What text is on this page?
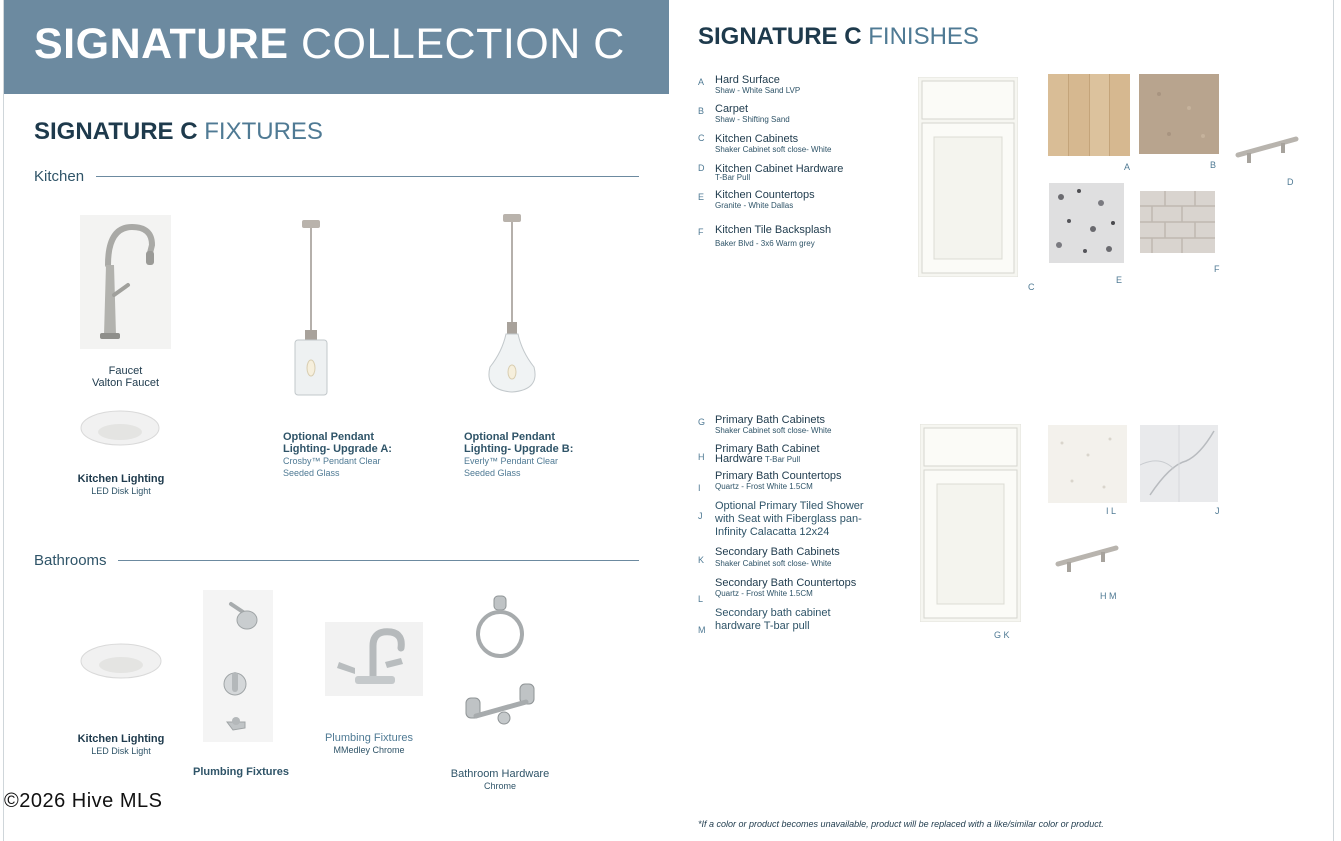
SIGNATURE COLLECTION C
SIGNATURE C FIXTURES
Kitchen
Faucet
Valton Faucet
Kitchen Lighting
LED Disk Light
Optional Pendant
Lighting- Upgrade A:
Crosby™ Pendant Clear
Seeded Glass
Optional Pendant
Lighting- Upgrade B:
Everly™ Pendant Clear
Seeded Glass
Bathrooms
Kitchen Lighting
LED Disk Light
Plumbing Fixtures
Plumbing Fixtures
MMedley Chrome
Bathroom Hardware
Chrome
SIGNATURE C FINISHES
A Hard Surface
Shaw - White Sand LVP
B Carpet
Shaw - Shifting Sand
C Kitchen Cabinets
Shaker Cabinet soft close- White
D Kitchen Cabinet Hardware
T-Bar Pull
E Kitchen Countertops
Granite - White Dallas
F Kitchen Tile Backsplash
Baker Blvd - 3x6 Warm grey
C
A	B
D
E
F
G Primary Bath Cabinets
Shaker Cabinet soft close- White
H
Primary Bath Cabinet
Hardware T-Bar Pull
I
Primary Bath Countertops
Quartz - Frost White 1.5CM
J
Optional Primary Tiled Shower
with Seat with Fiberglass pan-
Infinity Calacatta 12x24
K
Secondary Bath Cabinets
Shaker Cabinet soft close- White
L
Secondary Bath Countertops
Quartz - Frost White 1.5CM
M
Secondary bath cabinet
hardware T-bar pull
G K
I L	J
H M
*If a color or product becomes unavailable, product will be replaced with a like/similar color or product.
©2026 Hive MLS
